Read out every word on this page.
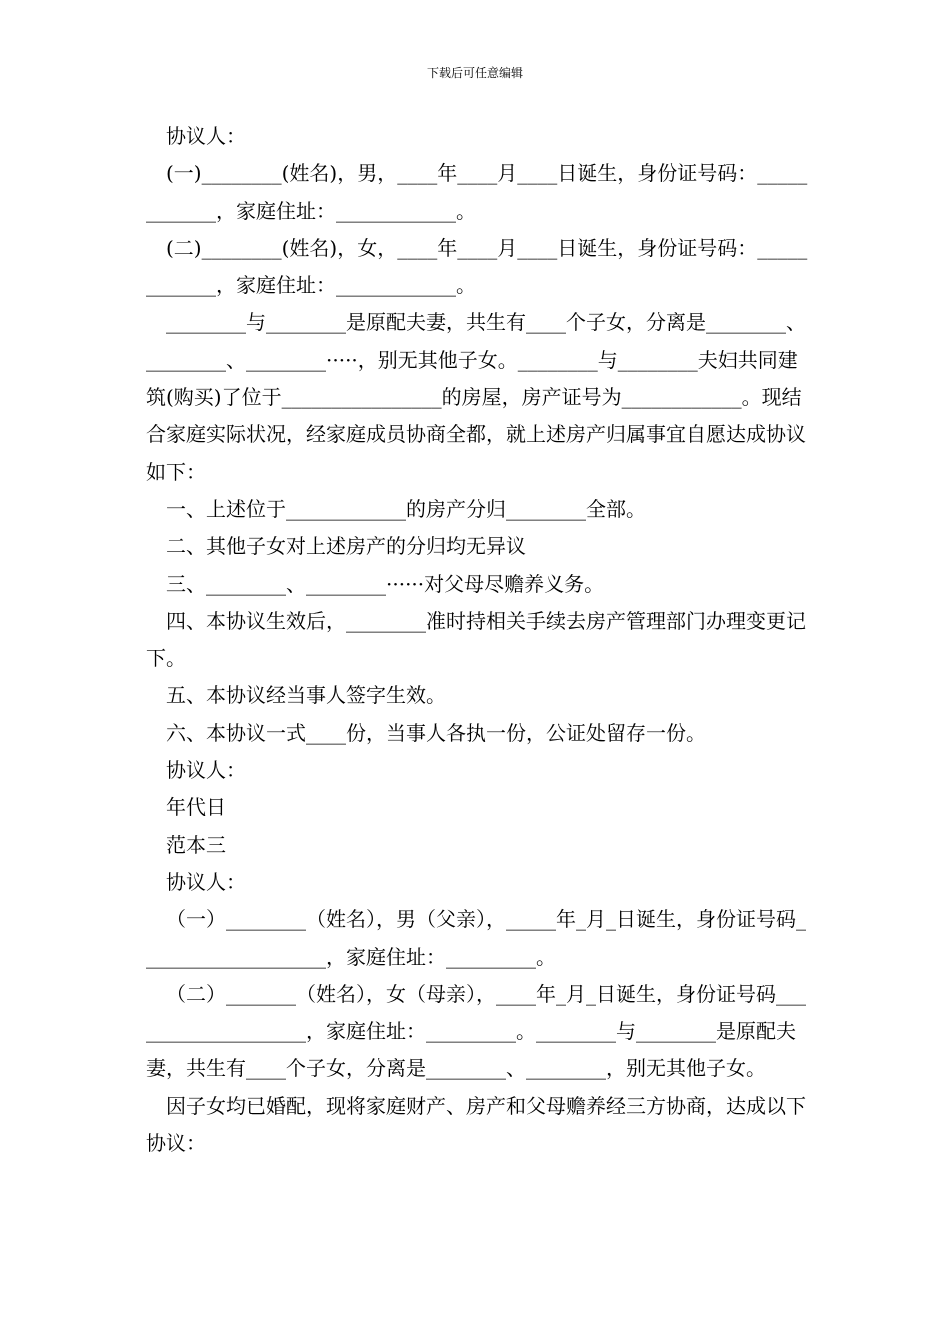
下载后可任意编辑

协议人：

(一)________(姓名)，男，____年____月____日诞生，身份证号码：____________，家庭住址：____________。

(二)________(姓名)，女，____年____月____日诞生，身份证号码：____________，家庭住址：____________。

________与________是原配夫妻，共生有____个子女，分离是________、________、________·····，别无其他子女。________与________夫妇共同建筑(购买)了位于________________的房屋，房产证号为____________。现结合家庭实际状况，经家庭成员协商全都，就上述房产归属事宜自愿达成协议如下：

一、上述位于____________的房产分归________全部。

二、其他子女对上述房产的分归均无异议

三、________、________······对父母尽赡养义务。

四、本协议生效后，________准时持相关手续去房产管理部门办理变更记下。

五、本协议经当事人签字生效。

六、本协议一式____份，当事人各执一份，公证处留存一份。

协议人：

年代日

范本三

协议人：

（一）________（姓名），男（父亲），_____年_月_日诞生，身份证号码___________________，家庭住址：_________。

（二）_______（姓名），女（母亲），____年_月_日诞生，身份证号码___________________，家庭住址：_________。________与________是原配夫妻，共生有____个子女，分离是________、________，别无其他子女。

因子女均已婚配，现将家庭财产、房产和父母赡养经三方协商，达成以下协议：
